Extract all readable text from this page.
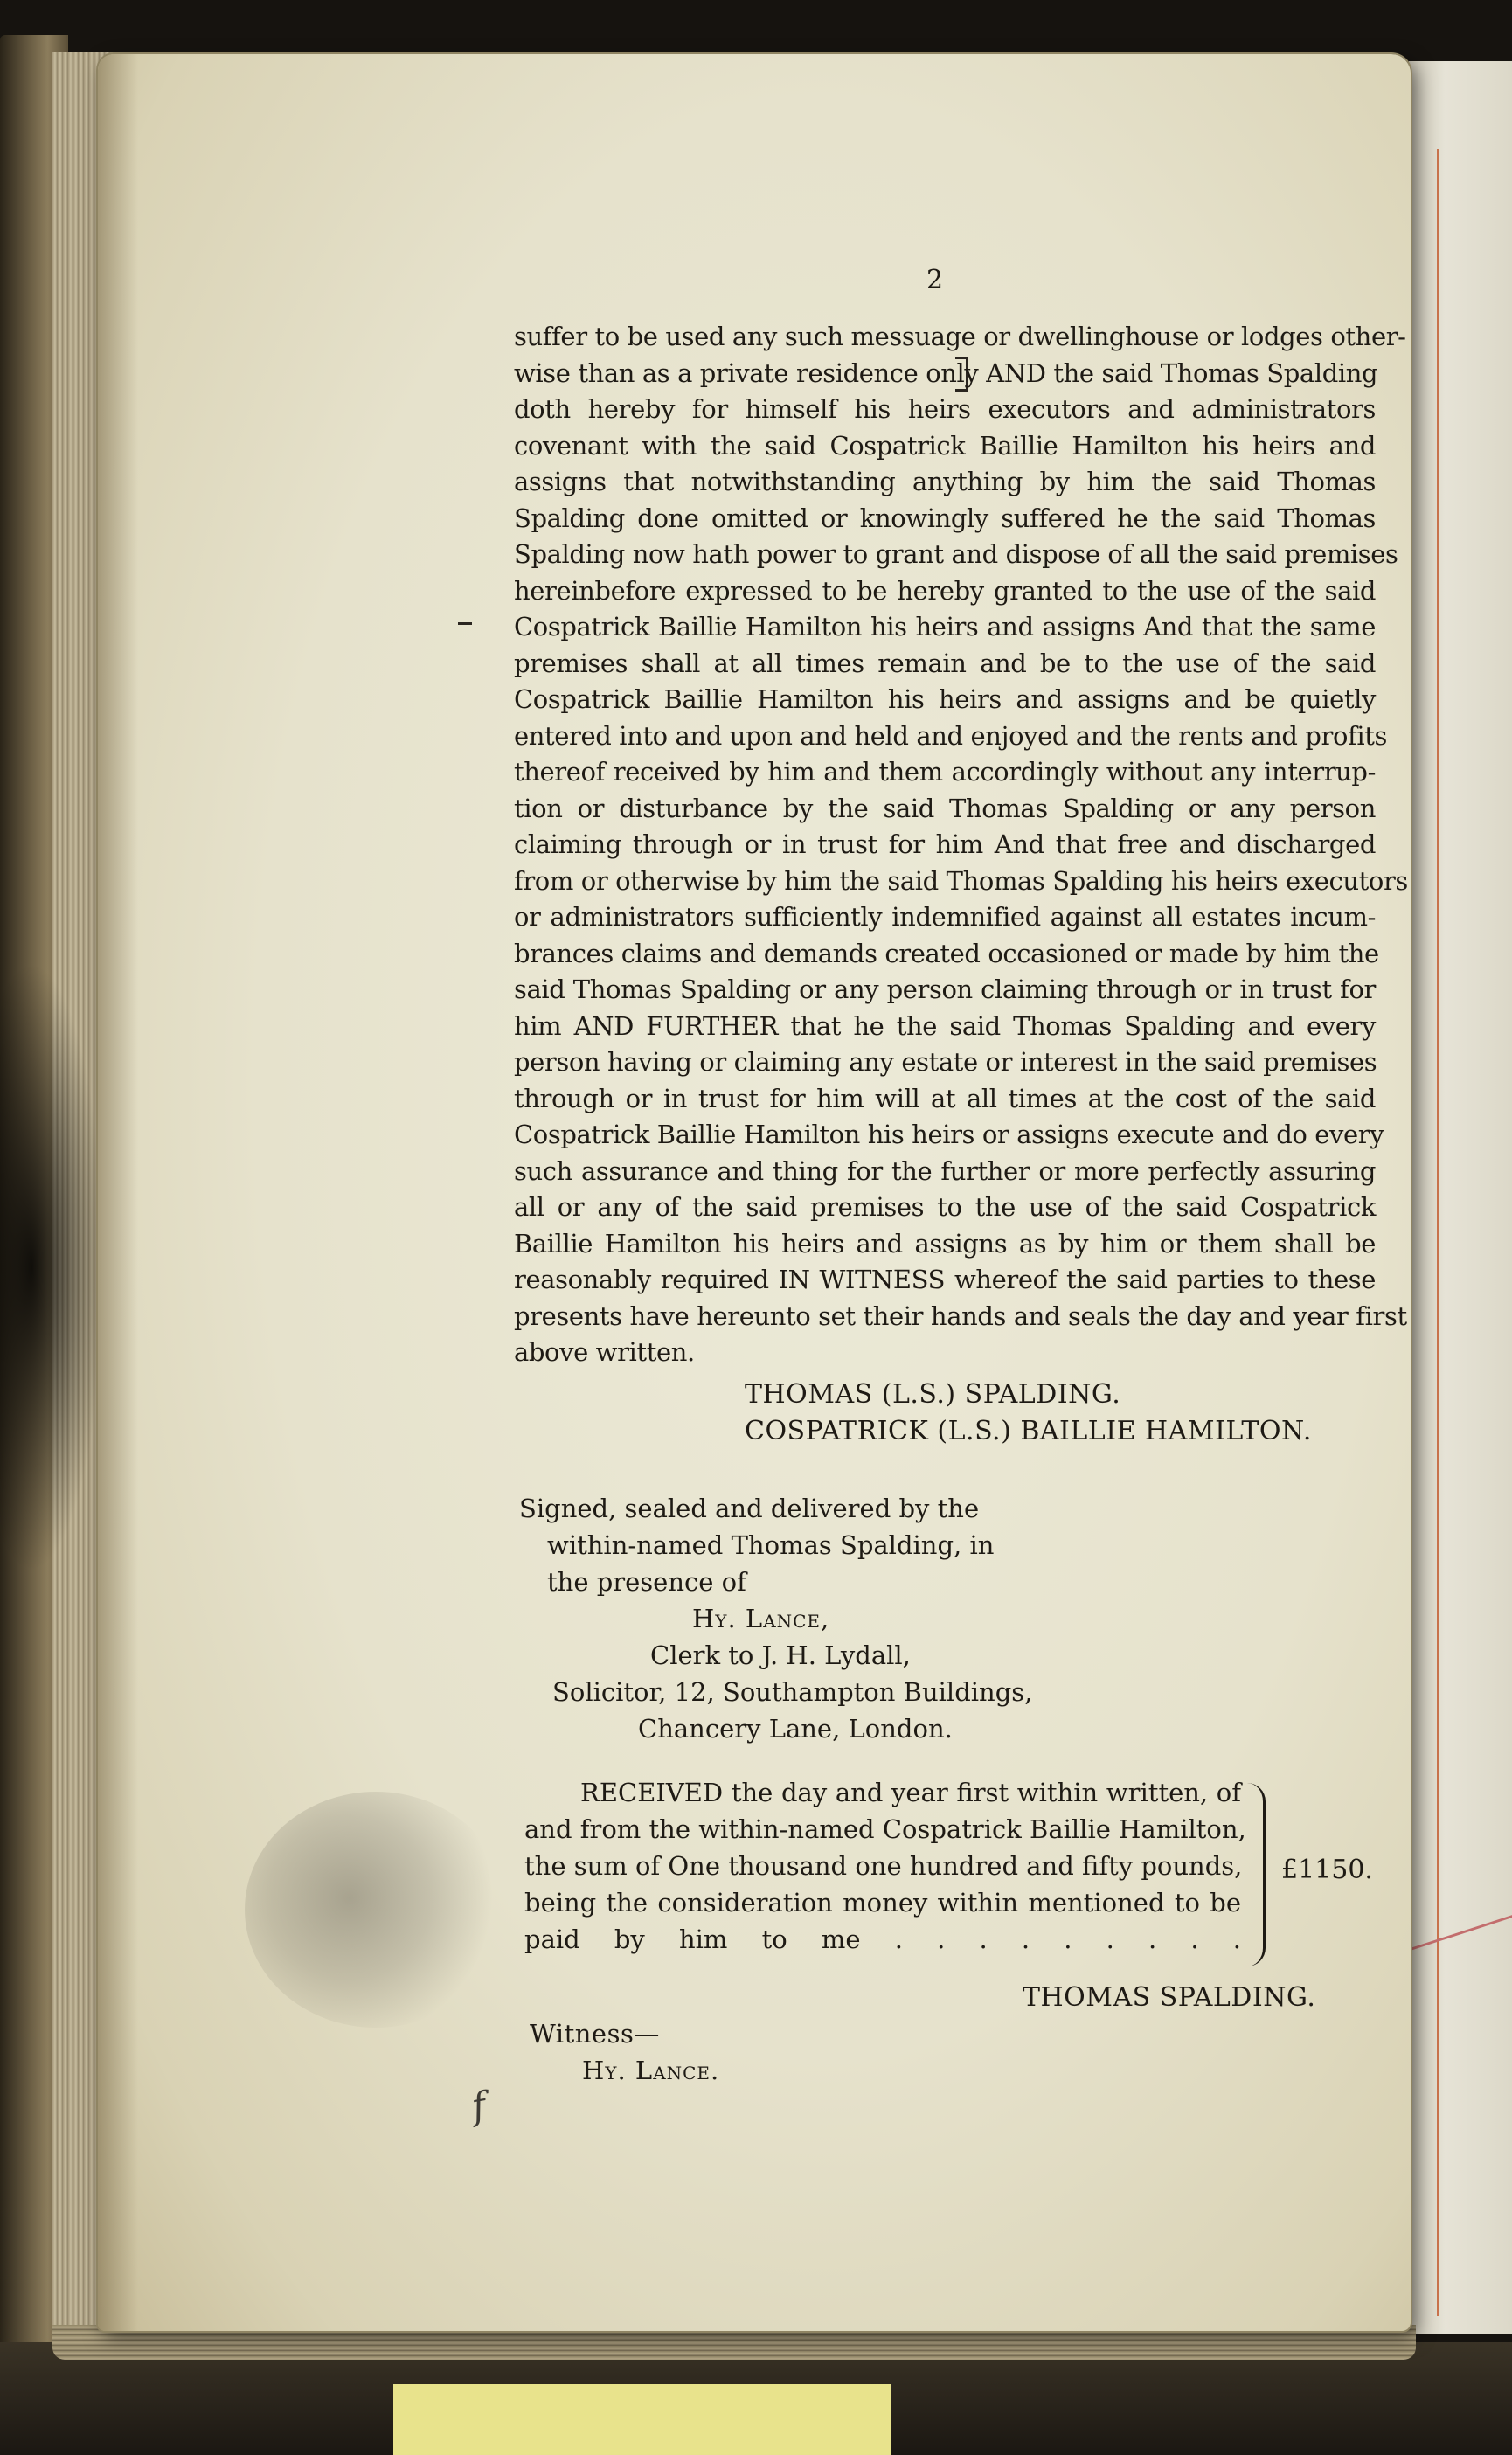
2
suffer to be used any such messuage or dwellinghouse or lodges other-
wise than as a private residence only AND the said Thomas Spalding
doth hereby for himself his heirs executors and administrators
covenant with the said Cospatrick Baillie Hamilton his heirs and
assigns that notwithstanding anything by him the said Thomas
Spalding done omitted or knowingly suffered he the said Thomas
Spalding now hath power to grant and dispose of all the said premises
hereinbefore expressed to be hereby granted to the use of the said
Cospatrick Baillie Hamilton his heirs and assigns And that the same
premises shall at all times remain and be to the use of the said
Cospatrick Baillie Hamilton his heirs and assigns and be quietly
entered into and upon and held and enjoyed and the rents and profits
thereof received by him and them accordingly without any interrup-
tion or disturbance by the said Thomas Spalding or any person
claiming through or in trust for him And that free and discharged
from or otherwise by him the said Thomas Spalding his heirs executors
or administrators sufficiently indemnified against all estates incum-
brances claims and demands created occasioned or made by him the
said Thomas Spalding or any person claiming through or in trust for
him AND FURTHER that he the said Thomas Spalding and every
person having or claiming any estate or interest in the said premises
through or in trust for him will at all times at the cost of the said
Cospatrick Baillie Hamilton his heirs or assigns execute and do every
such assurance and thing for the further or more perfectly assuring
all or any of the said premises to the use of the said Cospatrick
Baillie Hamilton his heirs and assigns as by him or them shall be
reasonably required IN WITNESS whereof the said parties to these
presents have hereunto set their hands and seals the day and year first
above written.
THOMAS (L.S.) SPALDING.
COSPATRICK (L.S.) BAILLIE HAMILTON.
Signed, sealed and delivered by the
within-named Thomas Spalding, in
the presence of
Hy. Lance,
Clerk to J. H. Lydall,
Solicitor, 12, Southampton Buildings,
Chancery Lane, London.
RECEIVED the day and year first within written, of
and from the within-named Cospatrick Baillie Hamilton,
the sum of One thousand one hundred and fifty pounds,
being the consideration money within mentioned to be
paid by him to me . . . . . . . . .
£1150.
THOMAS SPALDING.
Witness—
Hy. Lance.
f
